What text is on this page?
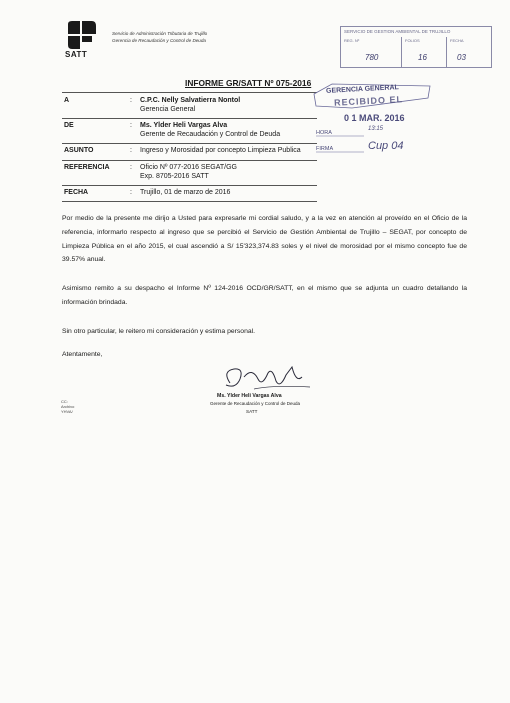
SATT
Servicio de Administración Tributaria de Trujillo
Gerencia de Recaudación y Control de Deuda
SERVICIO DE GESTION AMBIENTAL DE TRUJILLO
REG. Nº
780
FOLIOS
16
FECHA
03
INFORME GR/SATT Nº 075-2016
A	: C.P.C. Nelly Salvatierra Nontol
Gerencia General
DE	: Ms. Ylder Heli Vargas Alva
Gerente de Recaudación y Control de Deuda
ASUNTO	: Ingreso y Morosidad por concepto Limpieza Publica
REFERENCIA	: Oficio Nº 077-2016 SEGAT/GG
Exp. 8705-2016 SATT
FECHA	: Trujillo, 01 de marzo de 2016
GERENCIA GENERAL
RECIBIDO EL
0 1 MAR. 2016
HORA
13:15
FIRMA	Cup 04
Por medio de la presente me dirijo a Usted para expresarle mi cordial saludo, y a la vez en atención al proveído en el Oficio de la referencia, informarlo respecto al ingreso que se percibió el Servicio de Gestión Ambiental de Trujillo – SEGAT, por concepto de Limpieza Pública en el año 2015, el cual ascendió a S/ 15'323,374.83 soles y el nivel de morosidad por el mismo concepto fue de 39.57% anual.
Asimismo remito a su despacho el Informe Nº 124-2016 OCD/GR/SATT, en el mismo que se adjunta un cuadro detallando la información brindada.
Sin otro particular, le reitero mi consideración y estima personal.
Atentamente,
Ms. Ylder Heli Vargas Alva
Gerente de Recaudación y Control de Deuda
SATT
CC:
Archivo
YHVA/
